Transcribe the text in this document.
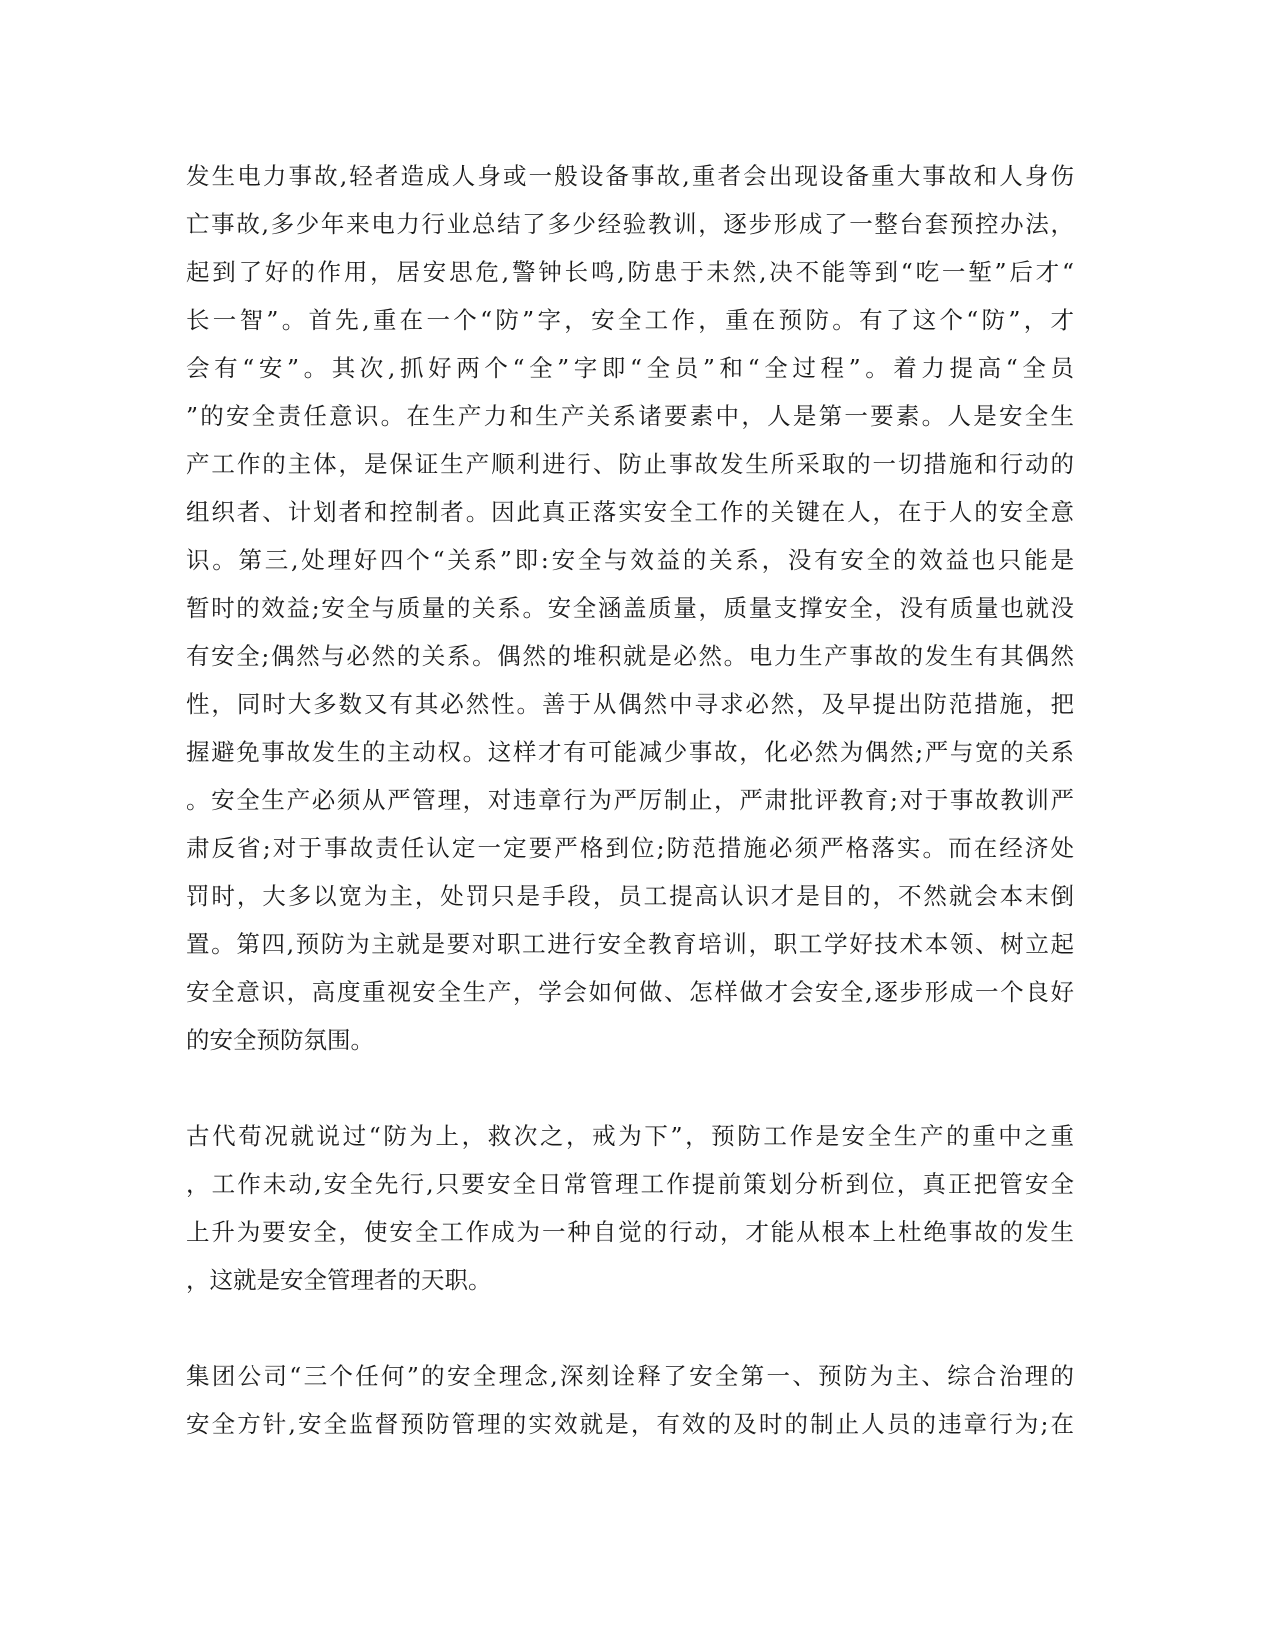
发生电力事故,轻者造成人身或一般设备事故,重者会出现设备重大事故和人身伤
亡事故,多少年来电力行业总结了多少经验教训，逐步形成了一整台套预控办法，
起到了好的作用，居安思危,警钟长鸣,防患于未然,决不能等到“吃一堑”后才“
长一智”。首先,重在一个“防”字，安全工作，重在预防。有了这个“防”，才
会有“安”。其次,抓好两个“全”字即“全员”和“全过程”。着力提高“全员
”的安全责任意识。在生产力和生产关系诸要素中，人是第一要素。人是安全生
产工作的主体，是保证生产顺利进行、防止事故发生所采取的一切措施和行动的
组织者、计划者和控制者。因此真正落实安全工作的关键在人，在于人的安全意
识。第三,处理好四个“关系”即:安全与效益的关系，没有安全的效益也只能是
暂时的效益;安全与质量的关系。安全涵盖质量，质量支撑安全，没有质量也就没
有安全;偶然与必然的关系。偶然的堆积就是必然。电力生产事故的发生有其偶然
性，同时大多数又有其必然性。善于从偶然中寻求必然，及早提出防范措施，把
握避免事故发生的主动权。这样才有可能减少事故，化必然为偶然;严与宽的关系
。安全生产必须从严管理，对违章行为严厉制止，严肃批评教育;对于事故教训严
肃反省;对于事故责任认定一定要严格到位;防范措施必须严格落实。而在经济处
罚时，大多以宽为主，处罚只是手段，员工提高认识才是目的，不然就会本末倒
置。第四,预防为主就是要对职工进行安全教育培训，职工学好技术本领、树立起
安全意识，高度重视安全生产，学会如何做、怎样做才会安全,逐步形成一个良好
的安全预防氛围。
古代荀况就说过“防为上，救次之，戒为下”，预防工作是安全生产的重中之重
，工作未动,安全先行,只要安全日常管理工作提前策划分析到位，真正把管安全
上升为要安全，使安全工作成为一种自觉的行动，才能从根本上杜绝事故的发生
，这就是安全管理者的天职。
集团公司“三个任何”的安全理念,深刻诠释了安全第一、预防为主、综合治理的
安全方针,安全监督预防管理的实效就是，有效的及时的制止人员的违章行为;在
